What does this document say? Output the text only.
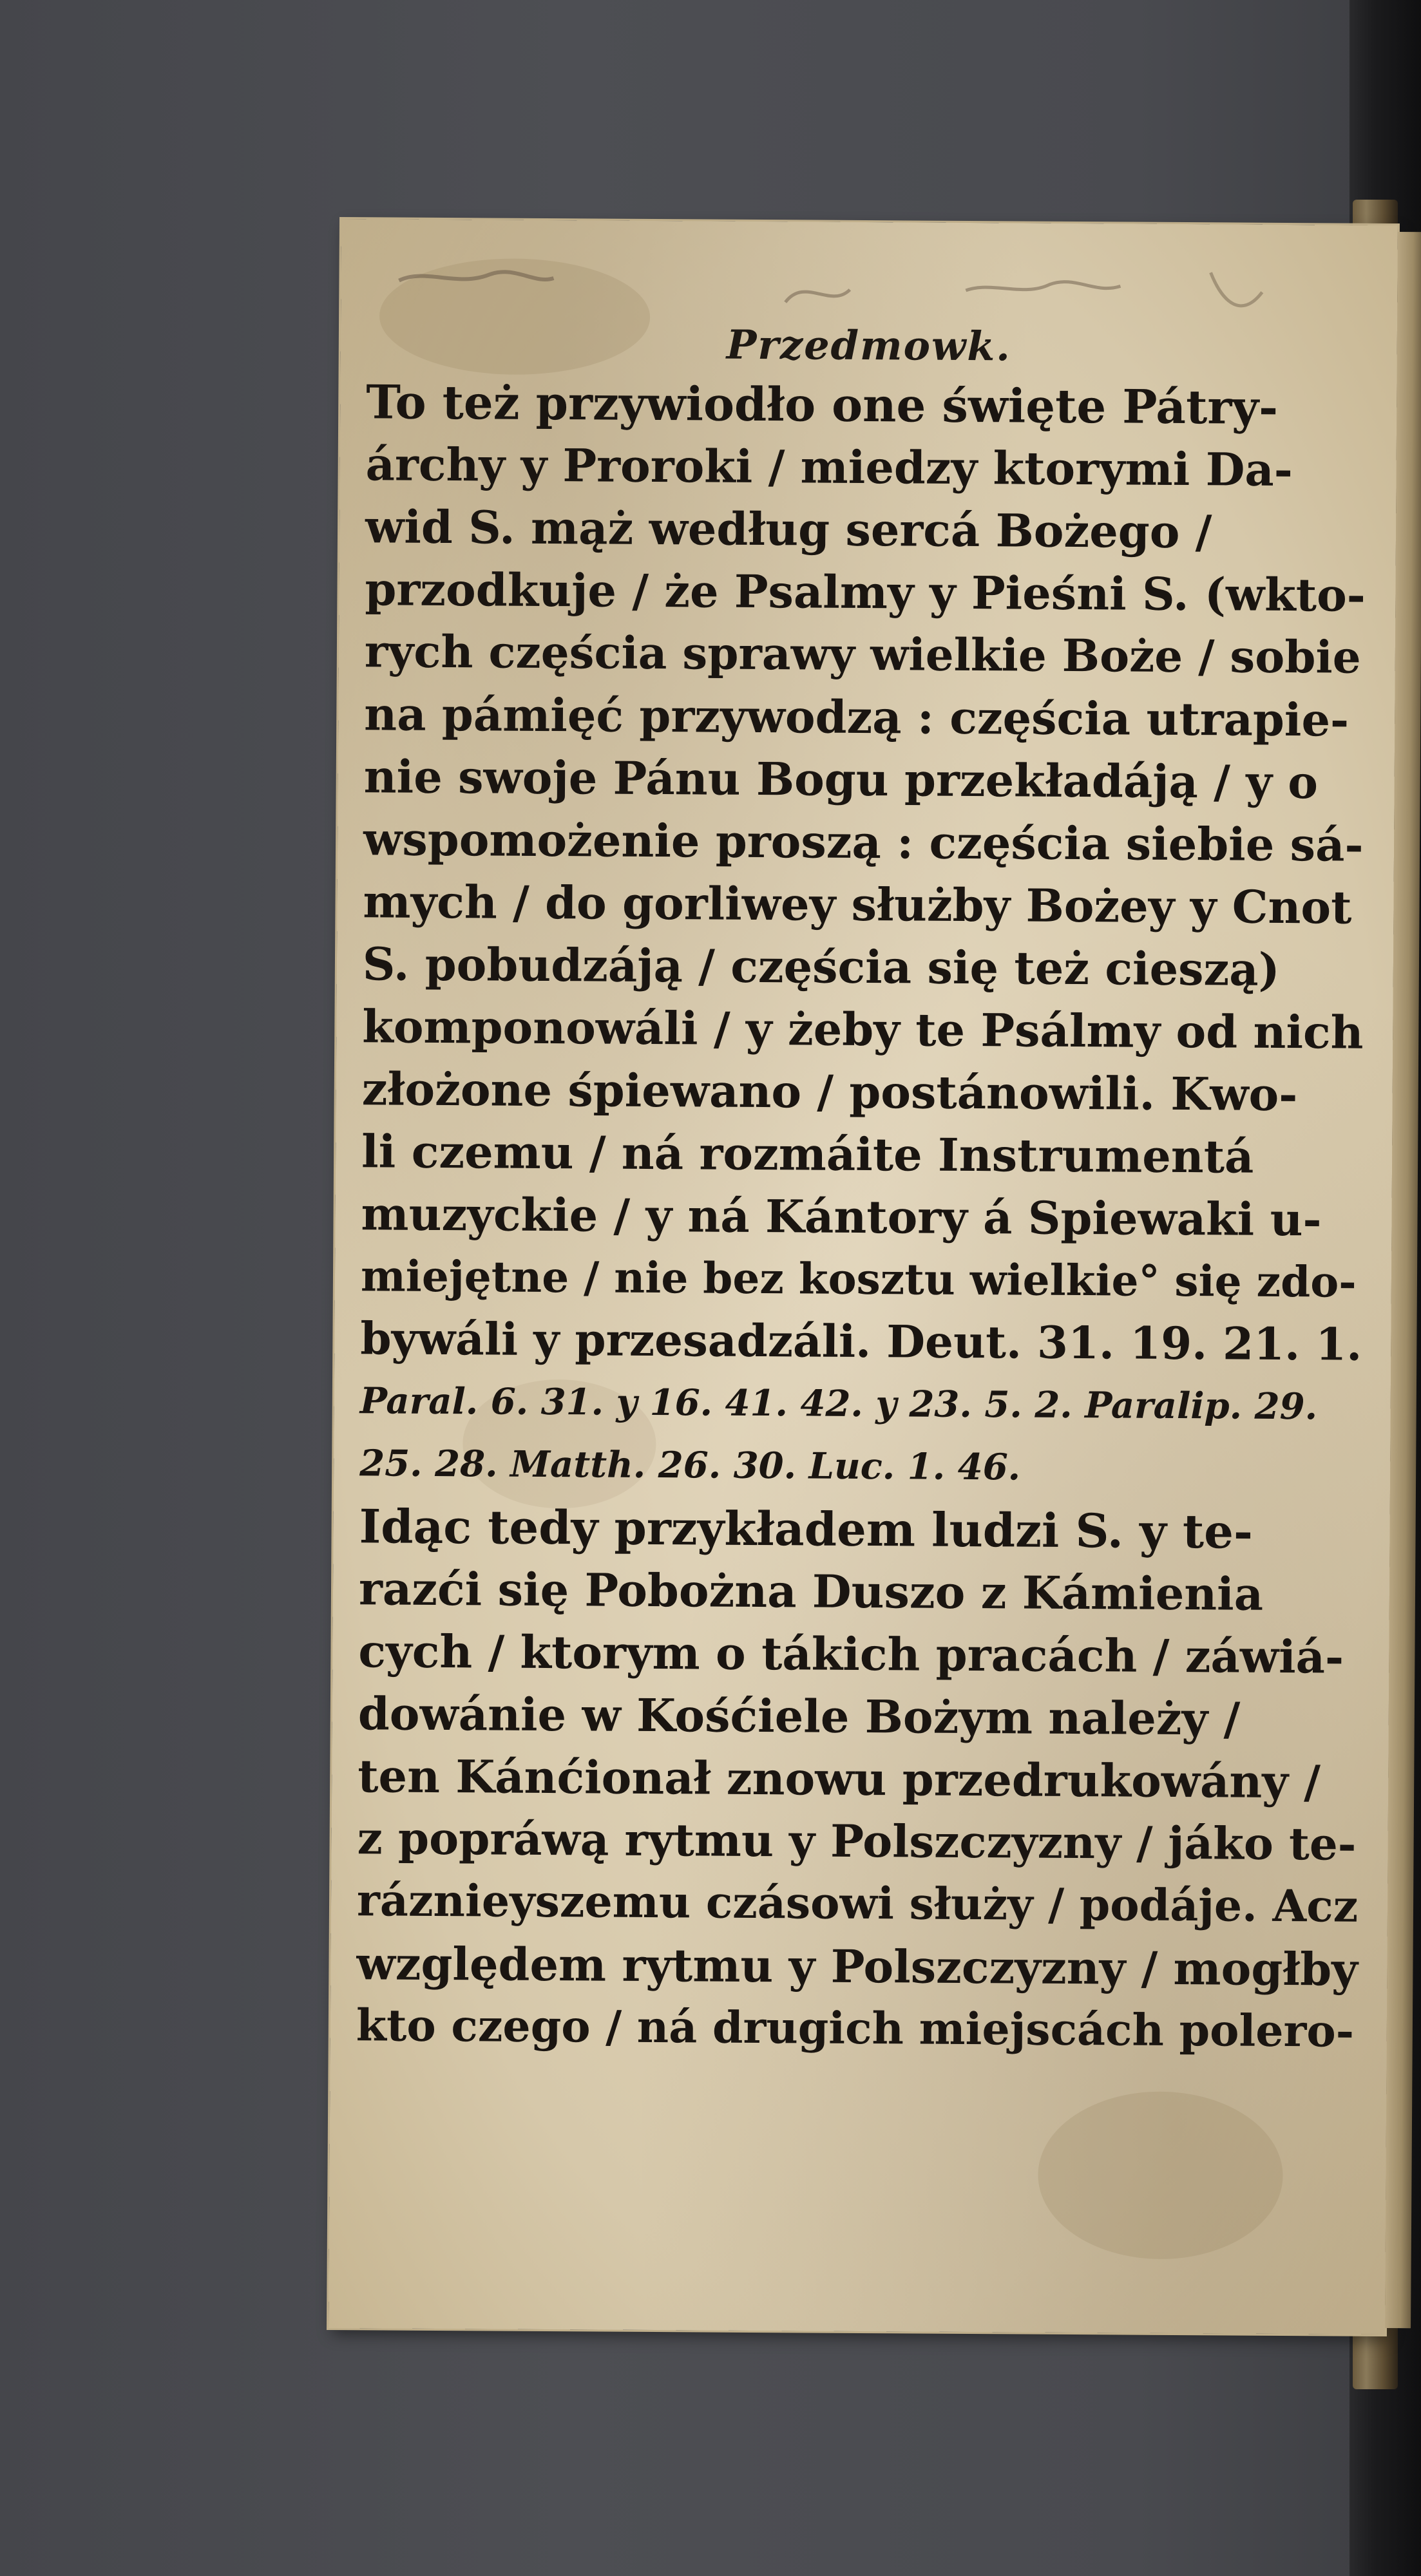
Przedmowk.
To też przywiodło one święte Pátry-
árchy y Proroki / miedzy ktorymi Da-
wid S. mąż według sercá Bożego /
przodkuje / że Psalmy y Pieśni S. (wkto-
rych częścia sprawy wielkie Boże / sobie
na pámięć przywodzą : częścia utrapie-
nie swoje Pánu Bogu przekładáją / y o
wspomożenie proszą : częścia siebie sá-
mych / do gorliwey służby Bożey y Cnot
S. pobudzáją / częścia się też cieszą)
komponowáli / y żeby te Psálmy od nich
złożone śpiewano / postánowili. Kwo-
li czemu / ná rozmáite Instrumentá
muzyckie / y ná Kántory á Spiewaki u-
miejętne / nie bez kosztu wielkie° się zdo-
bywáli y przesadzáli. Deut. 31. 19. 21. 1.
Paral. 6. 31. y 16. 41. 42. y 23. 5. 2. Paralip. 29.
25. 28. Matth. 26. 30. Luc. 1. 46.
Idąc tedy przykładem ludzi S. y te-
razći się Pobożna Duszo z Kámienia
cych / ktorym o tákich pracách / záwiá-
dowánie w Kośćiele Bożym należy /
ten Kánćionał znowu przedrukowány /
z popráwą rytmu y Polszczyzny / jáko te-
ráznieyszemu czásowi służy / podáje. Acz
względem rytmu y Polszczyzny / mogłby
kto czego / ná drugich miejscách polero-
